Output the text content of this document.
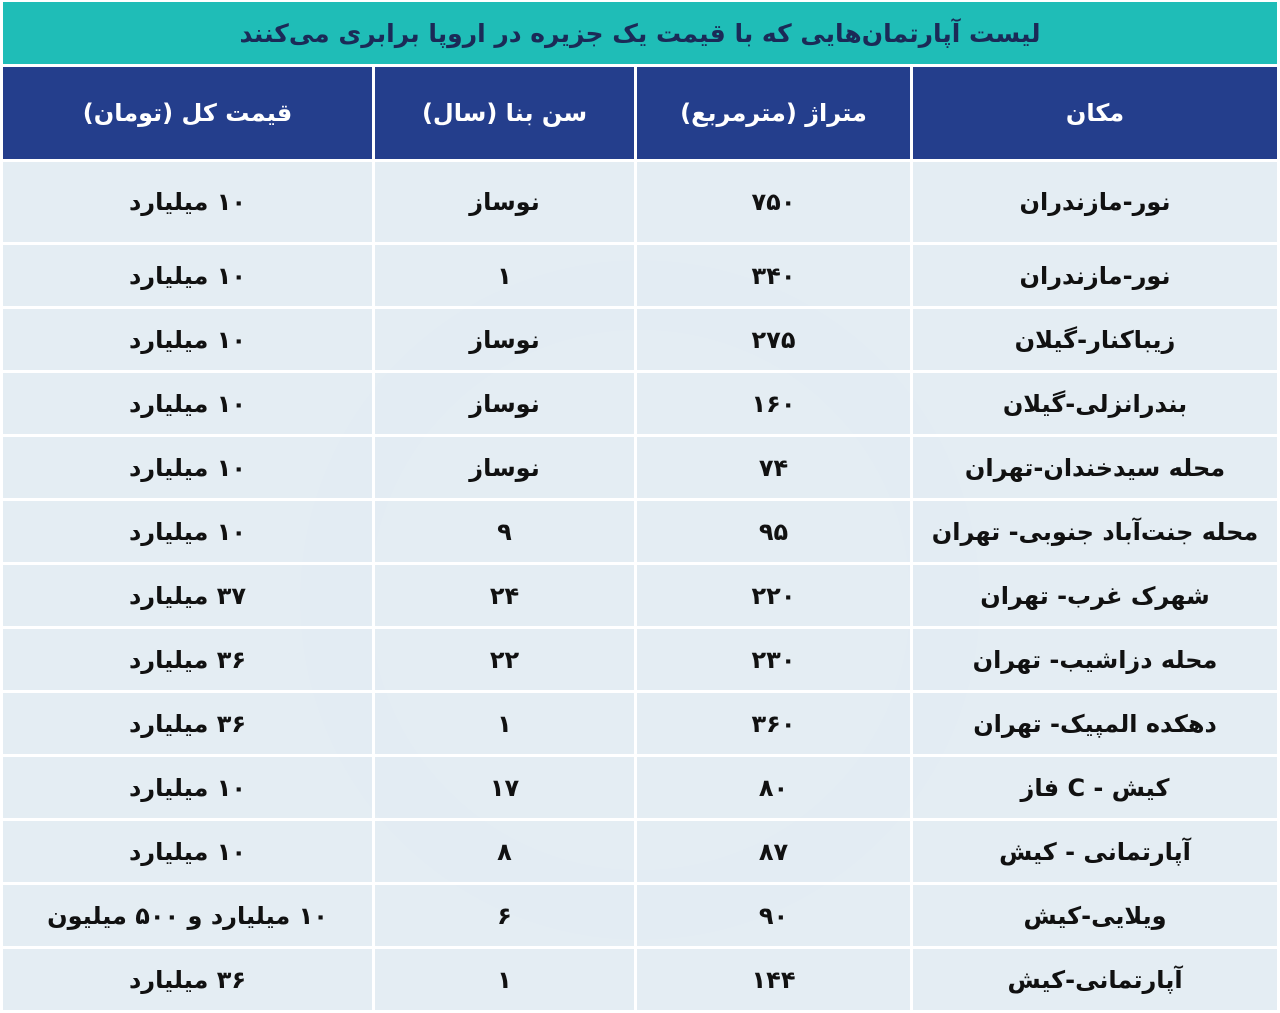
لیست آپارتمان‌هایی که با قیمت یک جزیره در اروپا برابری می‌کنند
مکان	متراژ (مترمربع)	سن بنا (سال)	قیمت کل (تومان)
نور-مازندران	۷۵۰	نوساز	۱۰ میلیارد
نور-مازندران	۳۴۰	۱	۱۰ میلیارد
زیباکنار-گیلان	۲۷۵	نوساز	۱۰ میلیارد
بندرانزلی-گیلان	۱۶۰	نوساز	۱۰ میلیارد
محله سیدخندان-تهران	۷۴	نوساز	۱۰ میلیارد
محله جنت‌آباد جنوبی- تهران	۹۵	۹	۱۰ میلیارد
شهرک غرب- تهران	۲۲۰	۲۴	۳۷ میلیارد
محله دزاشیب- تهران	۲۳۰	۲۲	۳۶ میلیارد
دهکده المپیک- تهران	۳۶۰	۱	۳۶ میلیارد
کیش - C فاز	۸۰	۱۷	۱۰ میلیارد
آپارتمانی - کیش	۸۷	۸	۱۰ میلیارد
ویلایی-کیش	۹۰	۶	۱۰ میلیارد و ۵۰۰ میلیون
آپارتمانی-کیش	۱۴۴	۱	۳۶ میلیارد
